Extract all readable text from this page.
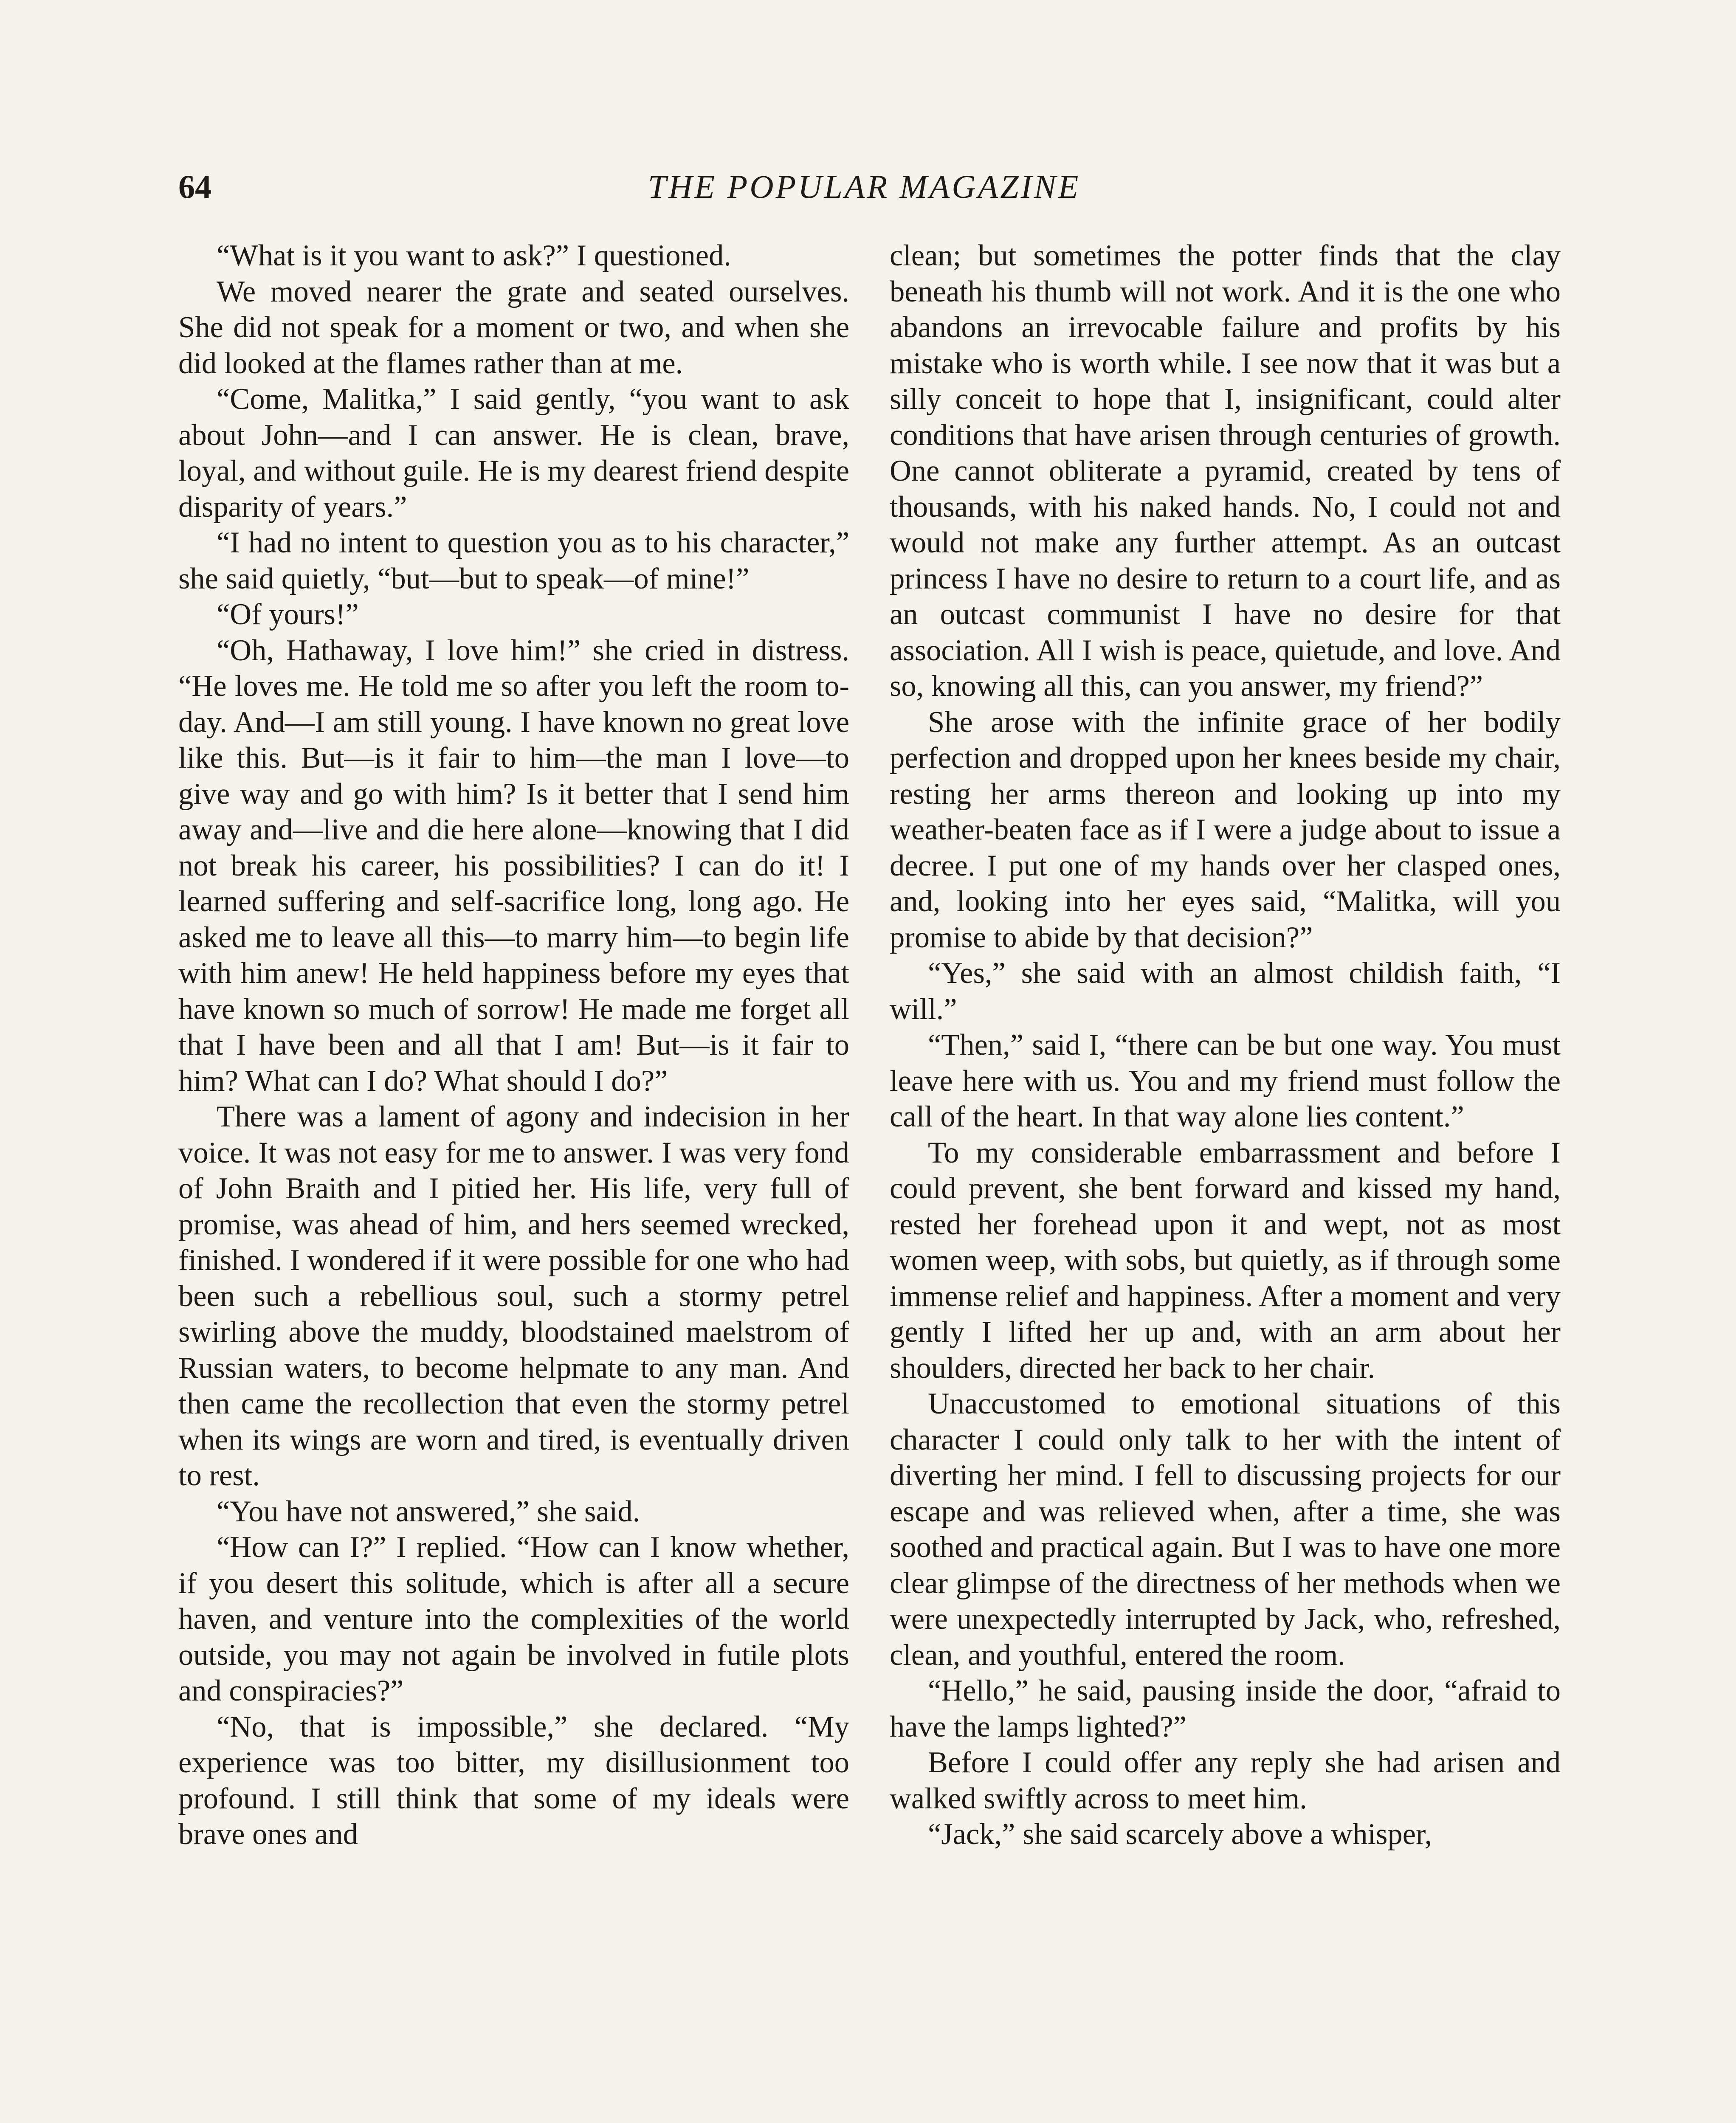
64	THE POPULAR MAGAZINE

“What is it you want to ask?” I questioned.

We moved nearer the grate and seated ourselves. She did not speak for a moment or two, and when she did looked at the flames rather than at me.

“Come, Malitka,” I said gently, “you want to ask about John—and I can answer. He is clean, brave, loyal, and without guile. He is my dearest friend despite disparity of years.”

“I had no intent to question you as to his character,” she said quietly, “but—but to speak—of mine!”

“Of yours!”

“Oh, Hathaway, I love him!” she cried in distress. “He loves me. He told me so after you left the room to-day. And—I am still young. I have known no great love like this. But—is it fair to him—the man I love—to give way and go with him? Is it better that I send him away and—live and die here alone—knowing that I did not break his career, his possibilities? I can do it! I learned suffering and self-sacrifice long, long ago. He asked me to leave all this—to marry him—to begin life with him anew! He held happiness before my eyes that have known so much of sorrow! He made me forget all that I have been and all that I am! But—is it fair to him? What can I do? What should I do?”

There was a lament of agony and indecision in her voice. It was not easy for me to answer. I was very fond of John Braith and I pitied her. His life, very full of promise, was ahead of him, and hers seemed wrecked, finished. I wondered if it were possible for one who had been such a rebellious soul, such a stormy petrel swirling above the muddy, bloodstained maelstrom of Russian waters, to become helpmate to any man. And then came the recollection that even the stormy petrel when its wings are worn and tired, is eventually driven to rest.

“You have not answered,” she said.

“How can I?” I replied. “How can I know whether, if you desert this solitude, which is after all a secure haven, and venture into the complexities of the world outside, you may not again be involved in futile plots and conspiracies?”

“No, that is impossible,” she declared. “My experience was too bitter, my disillusionment too profound. I still think that some of my ideals were brave ones and

clean; but sometimes the potter finds that the clay beneath his thumb will not work. And it is the one who abandons an irrevocable failure and profits by his mistake who is worth while. I see now that it was but a silly conceit to hope that I, insignificant, could alter conditions that have arisen through centuries of growth. One cannot obliterate a pyramid, created by tens of thousands, with his naked hands. No, I could not and would not make any further attempt. As an outcast princess I have no desire to return to a court life, and as an outcast communist I have no desire for that association. All I wish is peace, quietude, and love. And so, knowing all this, can you answer, my friend?”

She arose with the infinite grace of her bodily perfection and dropped upon her knees beside my chair, resting her arms thereon and looking up into my weather-beaten face as if I were a judge about to issue a decree. I put one of my hands over her clasped ones, and, looking into her eyes said, “Malitka, will you promise to abide by that decision?”

“Yes,” she said with an almost childish faith, “I will.”

“Then,” said I, “there can be but one way. You must leave here with us. You and my friend must follow the call of the heart. In that way alone lies content.”

To my considerable embarrassment and before I could prevent, she bent forward and kissed my hand, rested her forehead upon it and wept, not as most women weep, with sobs, but quietly, as if through some immense relief and happiness. After a moment and very gently I lifted her up and, with an arm about her shoulders, directed her back to her chair.

Unaccustomed to emotional situations of this character I could only talk to her with the intent of diverting her mind. I fell to discussing projects for our escape and was relieved when, after a time, she was soothed and practical again. But I was to have one more clear glimpse of the directness of her methods when we were unexpectedly interrupted by Jack, who, refreshed, clean, and youthful, entered the room.

“Hello,” he said, pausing inside the door, “afraid to have the lamps lighted?”

Before I could offer any reply she had arisen and walked swiftly across to meet him.

“Jack,” she said scarcely above a whisper,
